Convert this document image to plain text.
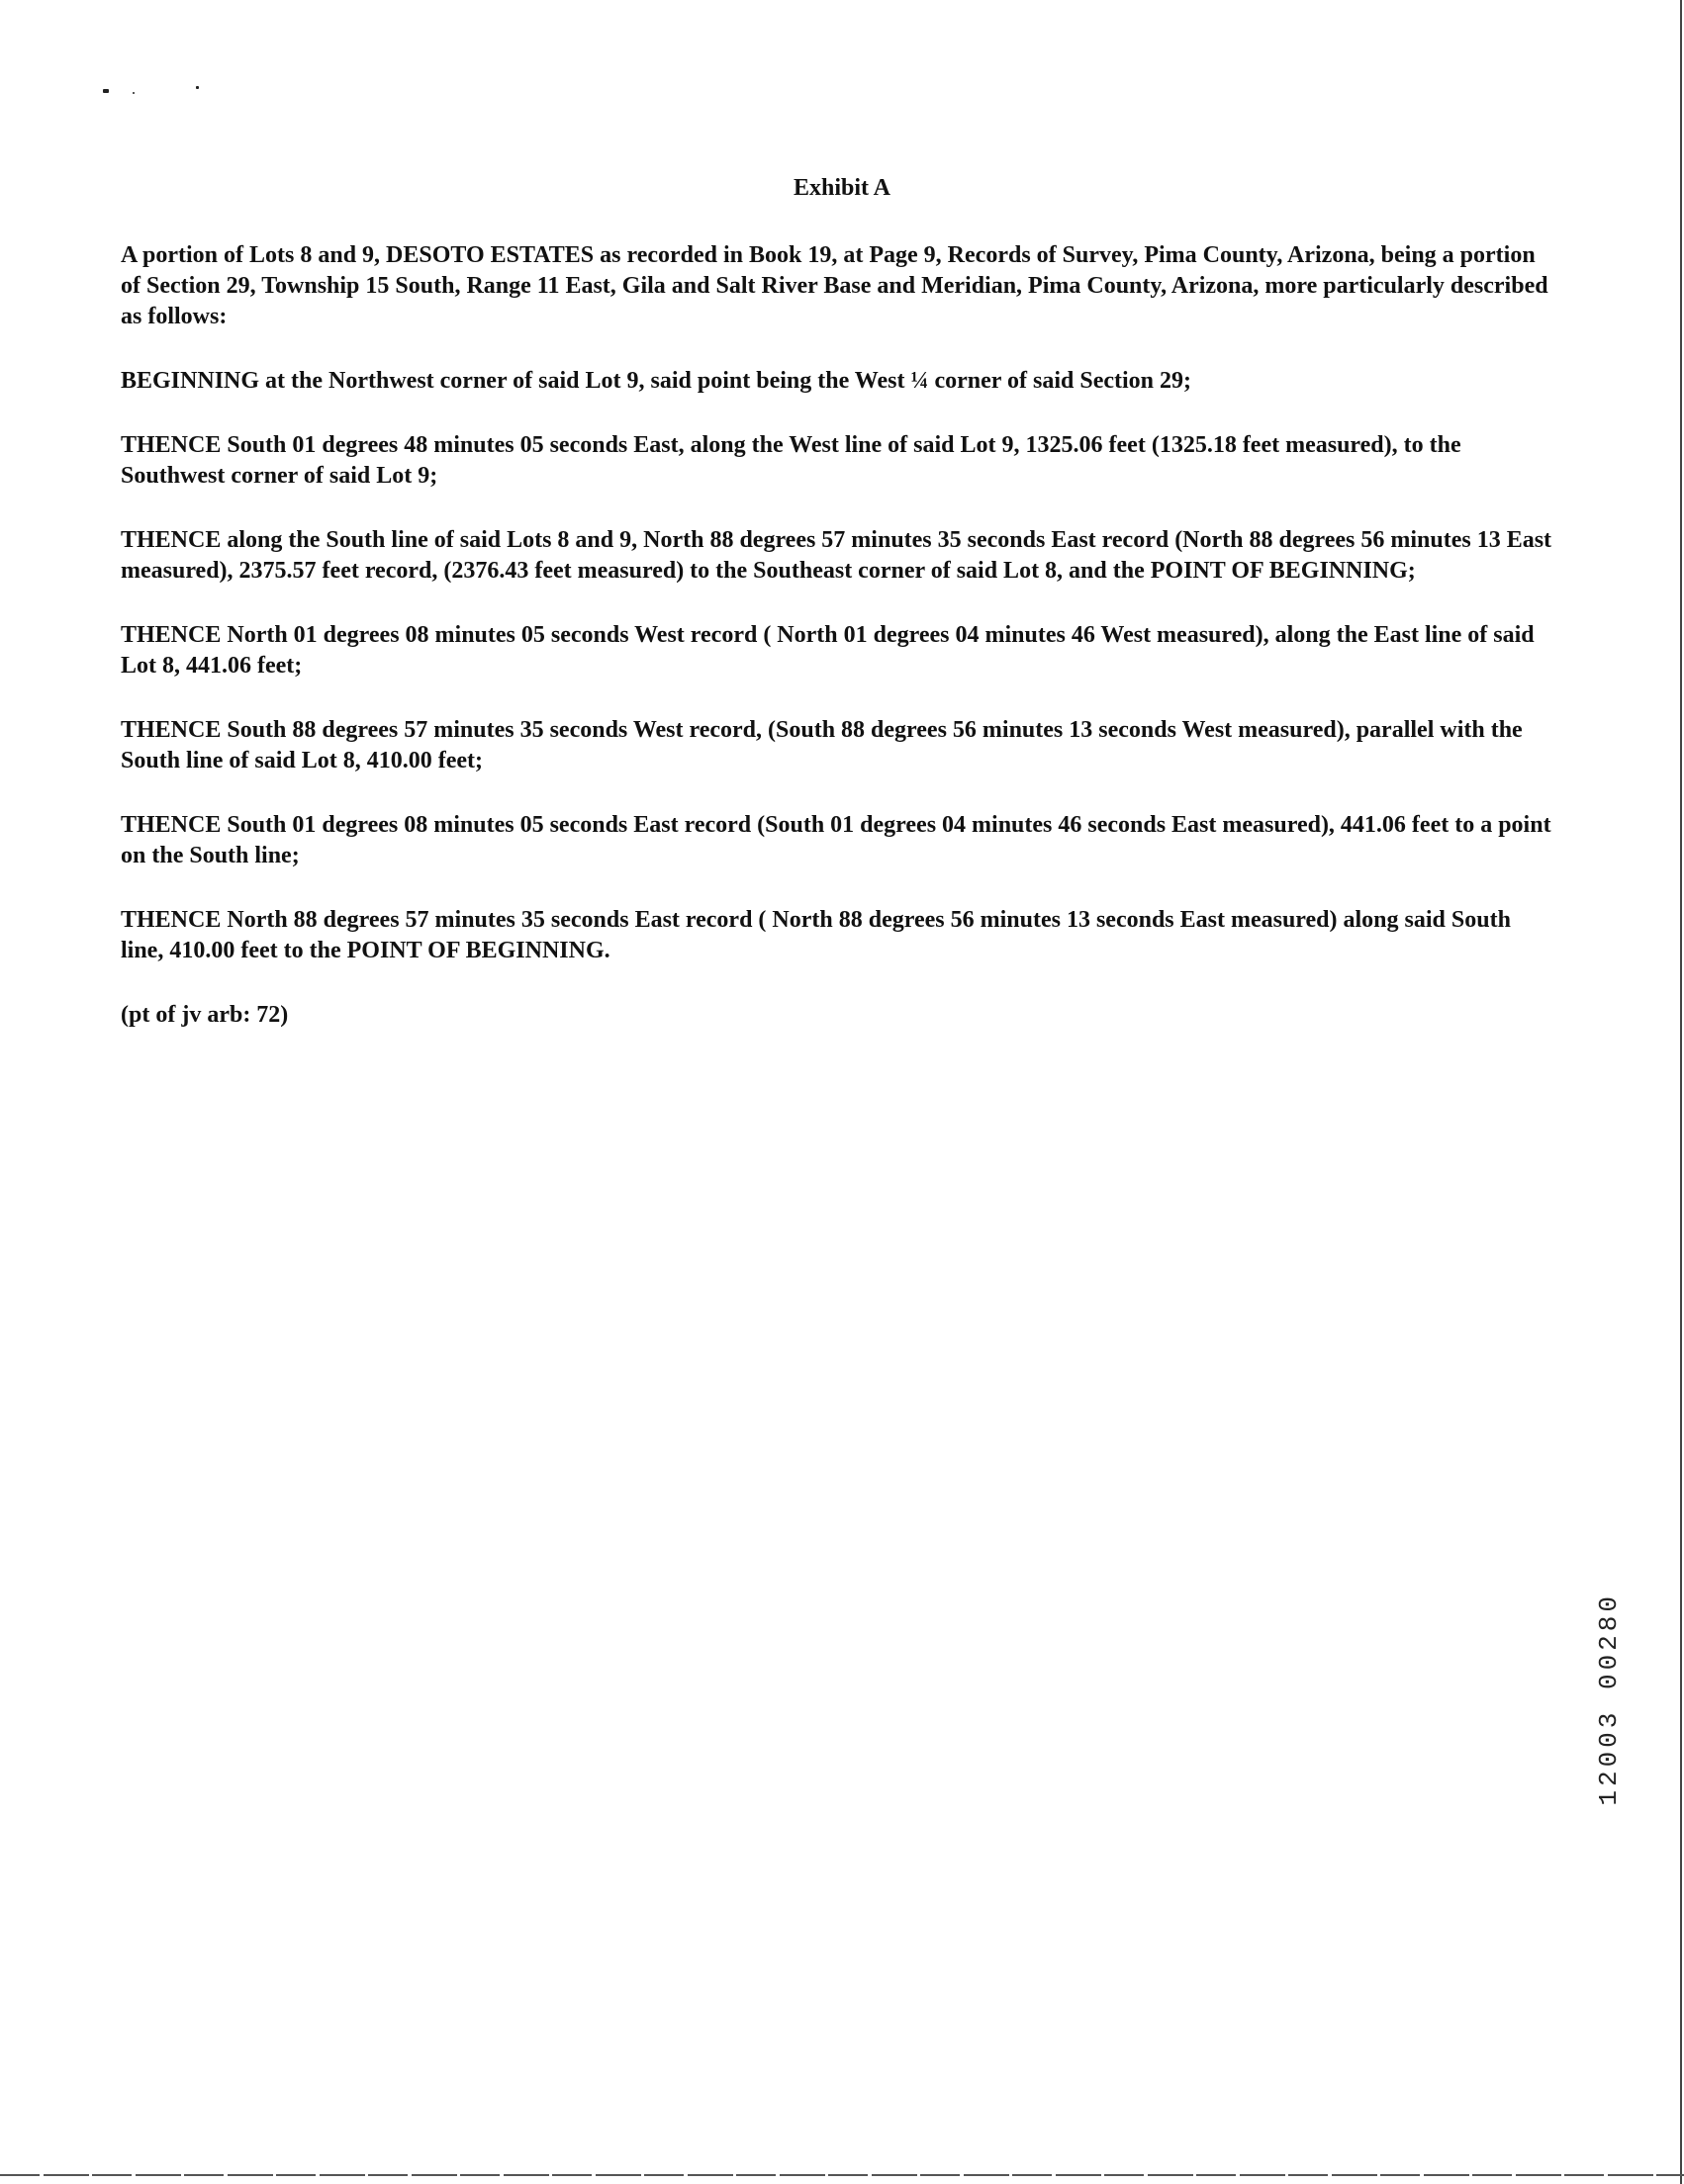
Exhibit A

A portion of Lots 8 and 9, DESOTO ESTATES as recorded in Book 19, at Page 9, Records of Survey, Pima County, Arizona, being a portion of Section 29, Township 15 South, Range 11 East, Gila and Salt River Base and Meridian, Pima County, Arizona, more particularly described as follows:

BEGINNING at the Northwest corner of said Lot 9, said point being the West ¼ corner of said Section 29;

THENCE South 01 degrees 48 minutes 05 seconds East, along the West line of said Lot 9, 1325.06 feet (1325.18 feet measured), to the Southwest corner of said Lot 9;

THENCE along the South line of said Lots 8 and 9, North 88 degrees 57 minutes 35 seconds East record (North 88 degrees 56 minutes 13 East measured), 2375.57 feet record, (2376.43 feet measured) to the Southeast corner of said Lot 8, and the POINT OF BEGINNING;

THENCE North 01 degrees 08 minutes 05 seconds West record ( North 01 degrees 04 minutes 46 West measured), along the East line of said Lot 8, 441.06 feet;

THENCE South 88 degrees 57 minutes 35 seconds West record, (South 88 degrees 56 minutes 13 seconds West measured), parallel with the South line of said Lot 8, 410.00 feet;

THENCE South 01 degrees 08 minutes 05 seconds East record (South 01 degrees 04 minutes 46 seconds East measured), 441.06 feet to a point on the South line;

THENCE North 88 degrees 57 minutes 35 seconds East record ( North 88 degrees 56 minutes 13 seconds East measured) along said South line, 410.00 feet to the POINT OF BEGINNING.

(pt of jv arb: 72)

12003 00280
